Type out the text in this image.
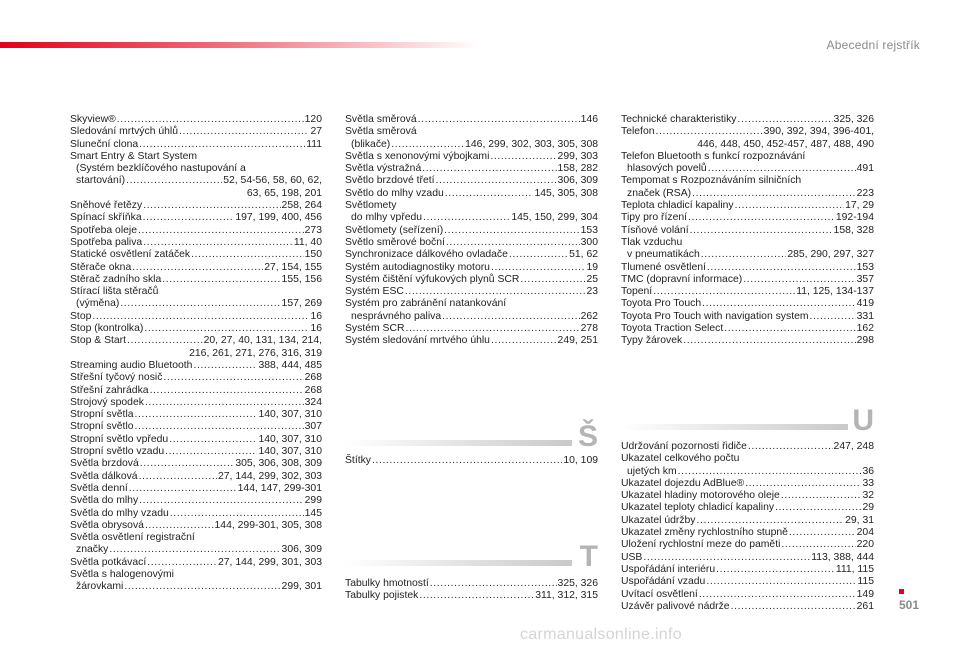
Abecední rejstřík
Skyview® .....	120
Sledování mrtvých úhlů .....	27
Sluneční clona .....	111
Smart Entry & Start System
(Systém bezklíčového nastupování a
startování) .....	52, 54-56, 58, 60, 62,
63, 65, 198, 201
Sněhové řetězy .....	258, 264
Spínací skříňka .....	197, 199, 400, 456
Spotřeba oleje .....	273
Spotřeba paliva .....	11, 40
Statické osvětlení zatáček .....	150
Stěrače okna .....	27, 154, 155
Stěrač zadního skla .....	155, 156
Stírací lišta stěračů
(výměna) .....	157, 269
Stop .....	16
Stop (kontrolka) .....	16
Stop & Start .....	20, 27, 40, 131, 134, 214,
216, 261, 271, 276, 316, 319
Streaming audio Bluetooth .....	388, 444, 485
Střešní tyčový nosič .....	268
Střešní zahrádka .....	268
Strojový spodek .....	324
Stropní světla .....	140, 307, 310
Stropní světlo .....	307
Stropní světlo vpředu .....	140, 307, 310
Stropní světlo vzadu .....	140, 307, 310
Světla brzdová .....	305, 306, 308, 309
Světla dálková .....	27, 144, 299, 302, 303
Světla denní .....	144, 147, 299-301
Světla do mlhy .....	299
Světla do mlhy vzadu .....	145
Světla obrysová .....	144, 299-301, 305, 308
Světla osvětlení registrační
značky .....	306, 309
Světla potkávací .....	27, 144, 299, 301, 303
Světla s halogenovými
žárovkami .....	299, 301
Světla směrová .....	146
Světla směrová
(blikače) .....	146, 299, 302, 303, 305, 308
Světla s xenonovými výbojkami .....	299, 303
Světla výstražná .....	158, 282
Světlo brzdové třetí .....	306, 309
Světlo do mlhy vzadu .....	145, 305, 308
Světlomety
do mlhy vpředu .....	145, 150, 299, 304
Světlomety (seřízení) .....	153
Světlo směrové boční .....	300
Synchronizace dálkového ovladače .....	51, 62
Systém autodiagnostiky motoru .....	19
Systém čištění výfukových plynů SCR .....	25
Systém ESC .....	23
Systém pro zabránění natankování
nesprávného paliva .....	262
Systém SCR .....	278
Systém sledování mrtvého úhlu .....	249, 251
Š
Štítky .....	10, 109
T
Tabulky hmotností .....	325, 326
Tabulky pojistek .....	311, 312, 315
Technické charakteristiky .....	325, 326
Telefon .....	390, 392, 394, 396-401,
446, 448, 450, 452-457, 487, 488, 490
Telefon Bluetooth s funkcí rozpoznávání
hlasových povelů .....	491
Tempomat s Rozpoznáváním silničních
značek (RSA) .....	223
Teplota chladicí kapaliny .....	17, 29
Tipy pro řízení .....	192-194
Tísňové volání .....	158, 328
Tlak vzduchu
v pneumatikách .....	285, 290, 297, 327
Tlumené osvětlení .....	153
TMC (dopravní informace) .....	357
Topení .....	11, 125, 134-137
Toyota Pro Touch .....	419
Toyota Pro Touch with navigation system .....	331
Toyota Traction Select .....	162
Typy žárovek .....	298
U
Udržování pozornosti řidiče .....	247, 248
Ukazatel celkového počtu
ujetých km .....	36
Ukazatel dojezdu AdBlue® .....	33
Ukazatel hladiny motorového oleje .....	32
Ukazatel teploty chladicí kapaliny .....	29
Ukazatel údržby .....	29, 31
Ukazatel změny rychlostního stupně .....	204
Uložení rychlostní meze do paměti .....	220
USB .....	113, 388, 444
Uspořádání interiéru .....	111, 115
Uspořádání vzadu .....	115
Uvítací osvětlení .....	149
Uzávěr palivové nádrže .....	261 501
carmanualsonline.info
